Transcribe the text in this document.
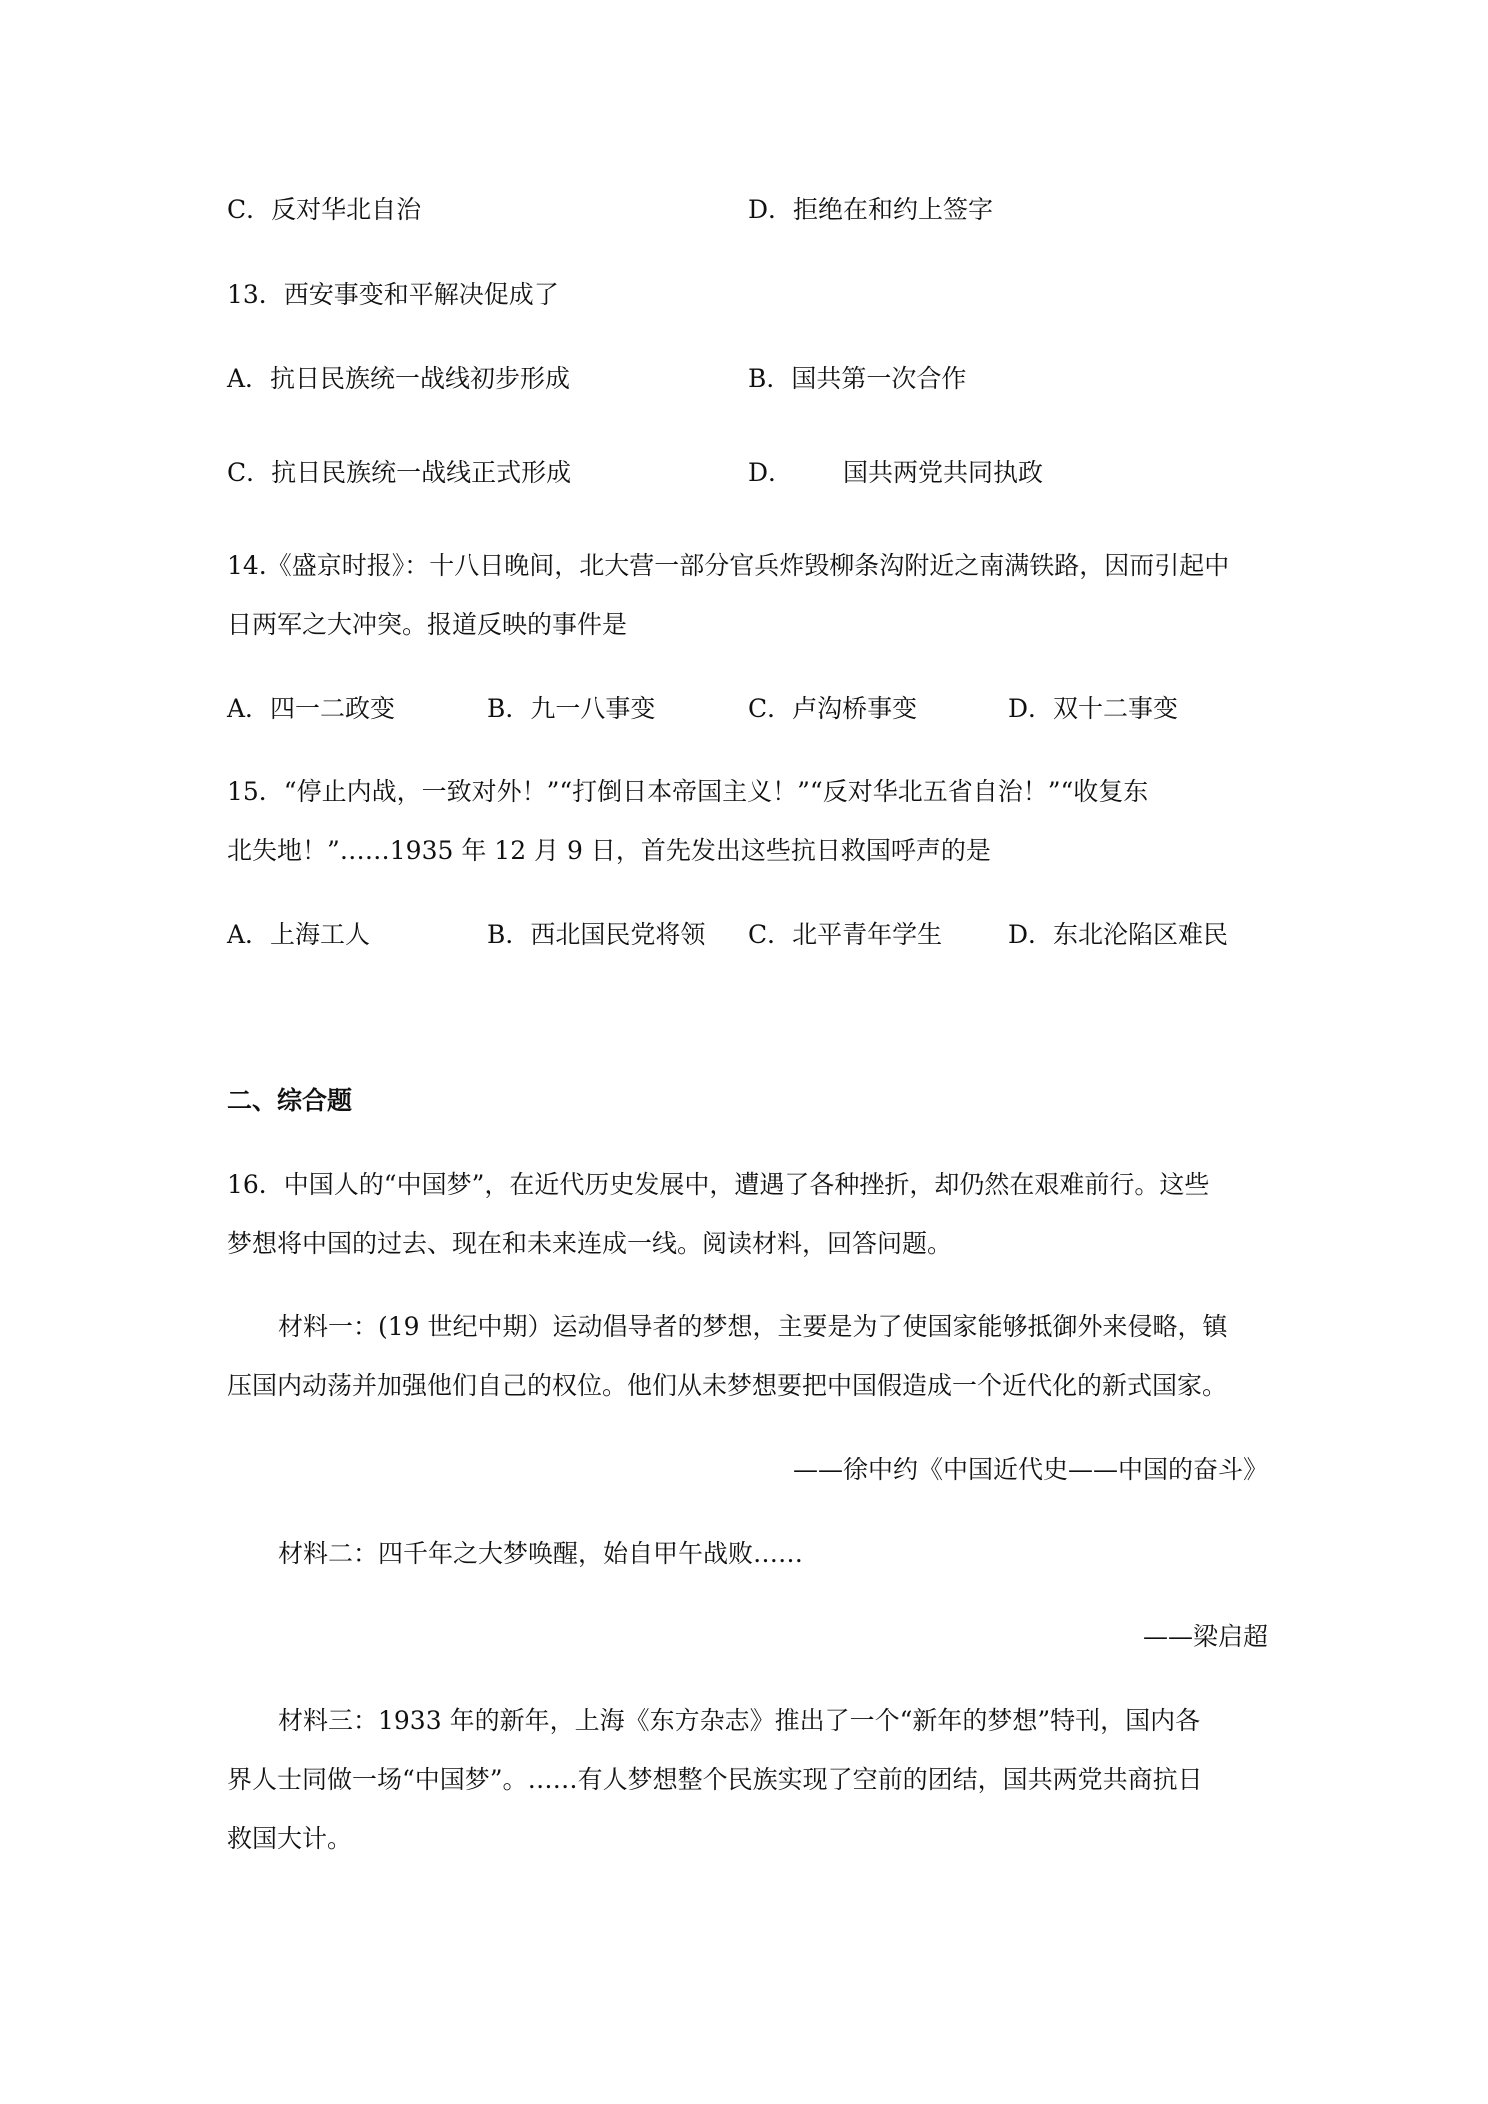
C．反对华北自治	D．拒绝在和约上签字
13．西安事变和平解决促成了
A．抗日民族统一战线初步形成	B．国共第一次合作
C．抗日民族统一战线正式形成	D． 国共两党共同执政
14.《盛京时报》：十八日晚间，北大营一部分官兵炸毁柳条沟附近之南满铁路，因而引起中
日两军之大冲突。报道反映的事件是
A．四一二政变	B．九一八事变	C．卢沟桥事变	D．双十二事变
15．“停止内战，一致对外！”“打倒日本帝国主义！”“反对华北五省自治！”“收复东
北失地！”……1935 年 12 月 9 日，首先发出这些抗日救国呼声的是
A．上海工人	B．西北国民党将领 C．北平青年学生	D．东北沦陷区难民
二、综合题
16．中国人的“中国梦”，在近代历史发展中，遭遇了各种挫折，却仍然在艰难前行。这些
梦想将中国的过去、现在和未来连成一线。阅读材料，回答问题。
材料一：(19 世纪中期）运动倡导者的梦想，主要是为了使国家能够抵御外来侵略，镇
压国内动荡并加强他们自己的权位。他们从未梦想要把中国假造成一个近代化的新式国家。
——徐中约《中国近代史——中国的奋斗》
材料二：四千年之大梦唤醒，始自甲午战败……
——梁启超
材料三：1933 年的新年，上海《东方杂志》推出了一个“新年的梦想”特刊，国内各
界人士同做一场“中国梦”。……有人梦想整个民族实现了空前的团结，国共两党共商抗日
救国大计。
